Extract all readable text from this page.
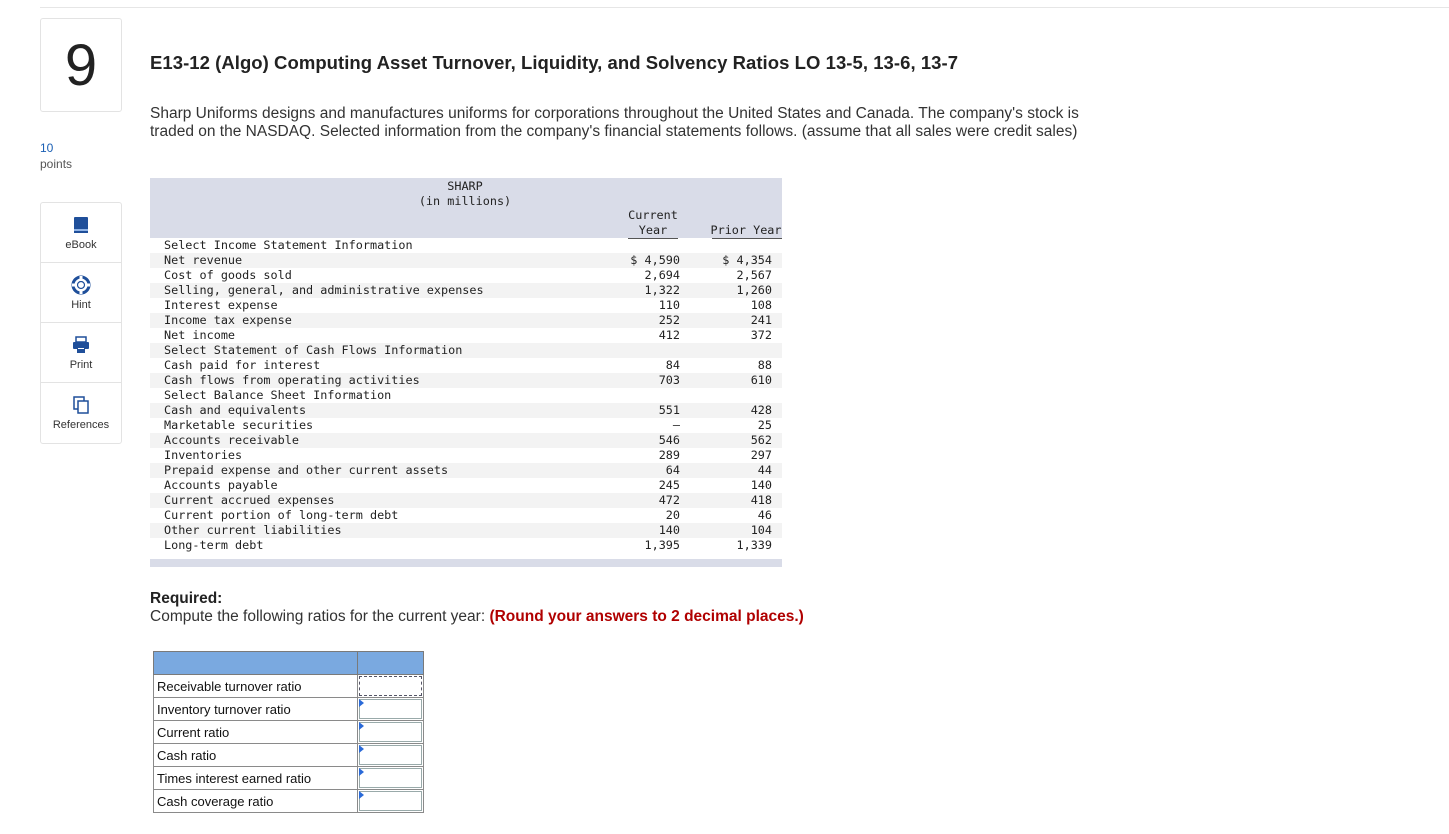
9
10
points
eBook
Hint
Print
References
E13-12 (Algo) Computing Asset Turnover, Liquidity, and Solvency Ratios LO 13-5, 13-6, 13-7
Sharp Uniforms designs and manufactures uniforms for corporations throughout the United States and Canada. The company's stock is traded on the NASDAQ. Selected information from the company's financial statements follows. (assume that all sales were credit sales)
SHARP
(in millions)
Current
Year	Prior Year
Select Income Statement Information
Net revenue	$ 4,590	$ 4,354
Cost of goods sold	2,694	2,567
Selling, general, and administrative expenses	1,322	1,260
Interest expense	110	108
Income tax expense	252	241
Net income	412	372
Select Statement of Cash Flows Information
Cash paid for interest	84	88
Cash flows from operating activities	703	610
Select Balance Sheet Information
Cash and equivalents	551	428
Marketable securities	—	25
Accounts receivable	546	562
Inventories	289	297
Prepaid expense and other current assets	64	44
Accounts payable	245	140
Current accrued expenses	472	418
Current portion of long-term debt	20	46
Other current liabilities	140	104
Long-term debt	1,395	1,339
Required:
Compute the following ratios for the current year: (Round your answers to 2 decimal places.)

Receivable turnover ratio	

Inventory turnover ratio	

Current ratio	

Cash ratio	

Times interest earned ratio	

Cash coverage ratio	
